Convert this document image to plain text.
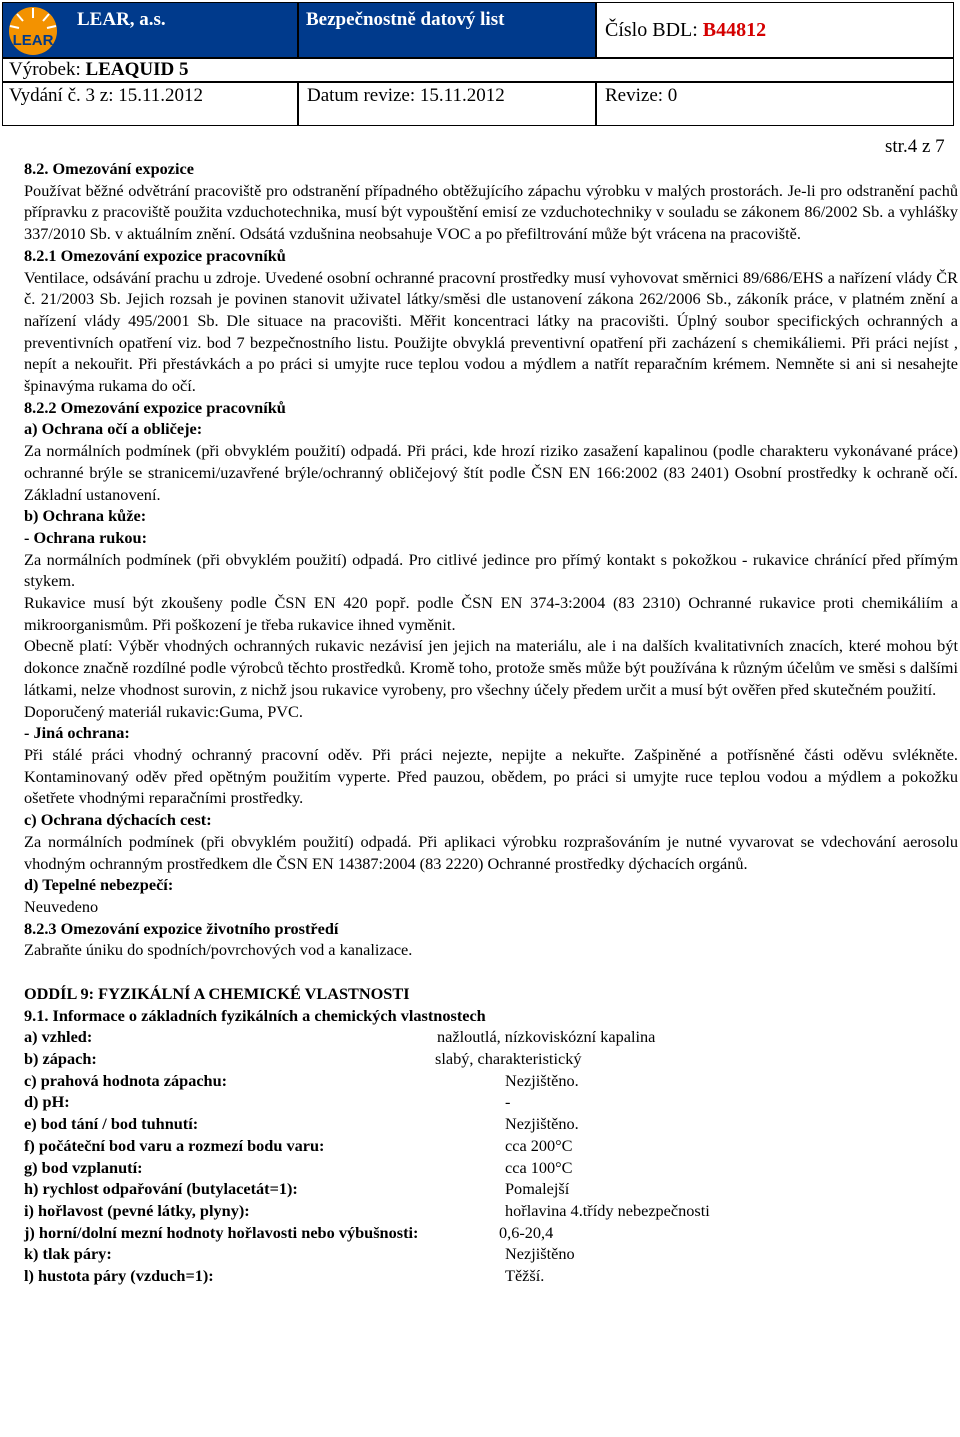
LEAR
LEAR, a.s.	Bezpečnostně datový list	Číslo BDL: B44812
Výrobek: LEAQUID 5
Vydání č. 3 z: 15.11.2012	Datum revize: 15.11.2012	Revize: 0
str.4 z 7

8.2. Omezování expozice

Používat běžné odvětrání pracoviště pro odstranění případného obtěžujícího zápachu výrobku v malých prostorách. Je-li pro odstranění pachů přípravku z pracoviště použita vzduchotechnika, musí být vypouštění emisí ze vzduchotechniky v souladu se zákonem 86/2002 Sb. a vyhlášky 337/2010 Sb. v aktuálním znění. Odsátá vzdušnina neobsahuje VOC a po přefiltrování může být vrácena na pracoviště.

8.2.1 Omezování expozice pracovníků

Ventilace, odsávání prachu u zdroje. Uvedené osobní ochranné pracovní prostředky musí vyhovovat směrnici 89/686/EHS a nařízení vlády ČR č. 21/2003 Sb. Jejich rozsah je povinen stanovit uživatel látky/směsi dle ustanovení zákona 262/2006 Sb., zákoník práce, v platném znění a nařízení vlády 495/2001 Sb. Dle situace na pracovišti. Měřit koncentraci látky na pracovišti. Úplný soubor specifických ochranných a preventivních opatření viz. bod 7 bezpečnostního listu. Použijte obvyklá preventivní opatření při zacházení s chemikáliemi. Při práci nejíst , nepít a nekouřit. Při přestávkách a po práci si umyjte ruce teplou vodou a mýdlem a natřít reparačním krémem. Nemněte si ani si nesahejte špinavýma rukama do očí.

8.2.2 Omezování expozice pracovníků

a) Ochrana očí a obličeje:

Za normálních podmínek (při obvyklém použití) odpadá. Při práci, kde hrozí riziko zasažení kapalinou (podle charakteru vykonávané práce) ochranné brýle se stranicemi/uzavřené brýle/ochranný obličejový štít podle ČSN EN 166:2002 (83 2401) Osobní prostředky k ochraně očí. Základní ustanovení.

b) Ochrana kůže:

- Ochrana rukou:

Za normálních podmínek (při obvyklém použití) odpadá. Pro citlivé jedince pro přímý kontakt s pokožkou - rukavice chránící před přímým stykem.

Rukavice musí být zkoušeny podle ČSN EN 420 popř. podle ČSN EN 374-3:2004 (83 2310) Ochranné rukavice proti chemikáliím a mikroorganismům. Při poškození je třeba rukavice ihned vyměnit.

Obecně platí: Výběr vhodných ochranných rukavic nezávisí jen jejich na materiálu, ale i na dalších kvalitativních znacích, které mohou být dokonce značně rozdílné podle výrobců těchto prostředků. Kromě toho, protože směs může být používána k různým účelům ve směsi s dalšími látkami, nelze vhodnost surovin, z nichž jsou rukavice vyrobeny, pro všechny účely předem určit a musí být ověřen před skutečném použití.

Doporučený materiál rukavic:Guma, PVC.

- Jiná ochrana:

Při stálé práci vhodný ochranný pracovní oděv. Při práci nejezte, nepijte a nekuřte. Zašpiněné a potřísněné části oděvu svlékněte. Kontaminovaný oděv před opětným použitím vyperte. Před pauzou, obědem, po práci si umyjte ruce teplou vodou a mýdlem a pokožku ošetřete vhodnými reparačními prostředky.

c) Ochrana dýchacích cest:

Za normálních podmínek (při obvyklém použití) odpadá. Při aplikaci výrobku rozprašováním je nutné vyvarovat se vdechování aerosolu vhodným ochranným prostředkem dle ČSN EN 14387:2004 (83 2220) Ochranné prostředky dýchacích orgánů.

d) Tepelné nebezpečí:

Neuvedeno

8.2.3 Omezování expozice životního prostředí

Zabraňte úniku do spodních/povrchových vod a kanalizace.

ODDÍL 9: FYZIKÁLNÍ A CHEMICKÉ VLASTNOSTI

9.1. Informace o základních fyzikálních a chemických vlastnostech

a) vzhled:	nažloutlá, nízkoviskózní kapalina
b) zápach:	slabý, charakteristický
c) prahová hodnota zápachu:	Nezjištěno.
d) pH:	-
e) bod tání / bod tuhnutí:	Nezjištěno.
f) počáteční bod varu a rozmezí bodu varu:	cca 200°C
g) bod vzplanutí:	cca 100°C
h) rychlost odpařování (butylacetát=1):	Pomalejší
i) hořlavost (pevné látky, plyny):	hořlavina 4.třídy nebezpečnosti
j) horní/dolní mezní hodnoty hořlavosti nebo výbušnosti:	0,6-20,4
k) tlak páry:	Nezjištěno
l) hustota páry (vzduch=1):	Těžší.
